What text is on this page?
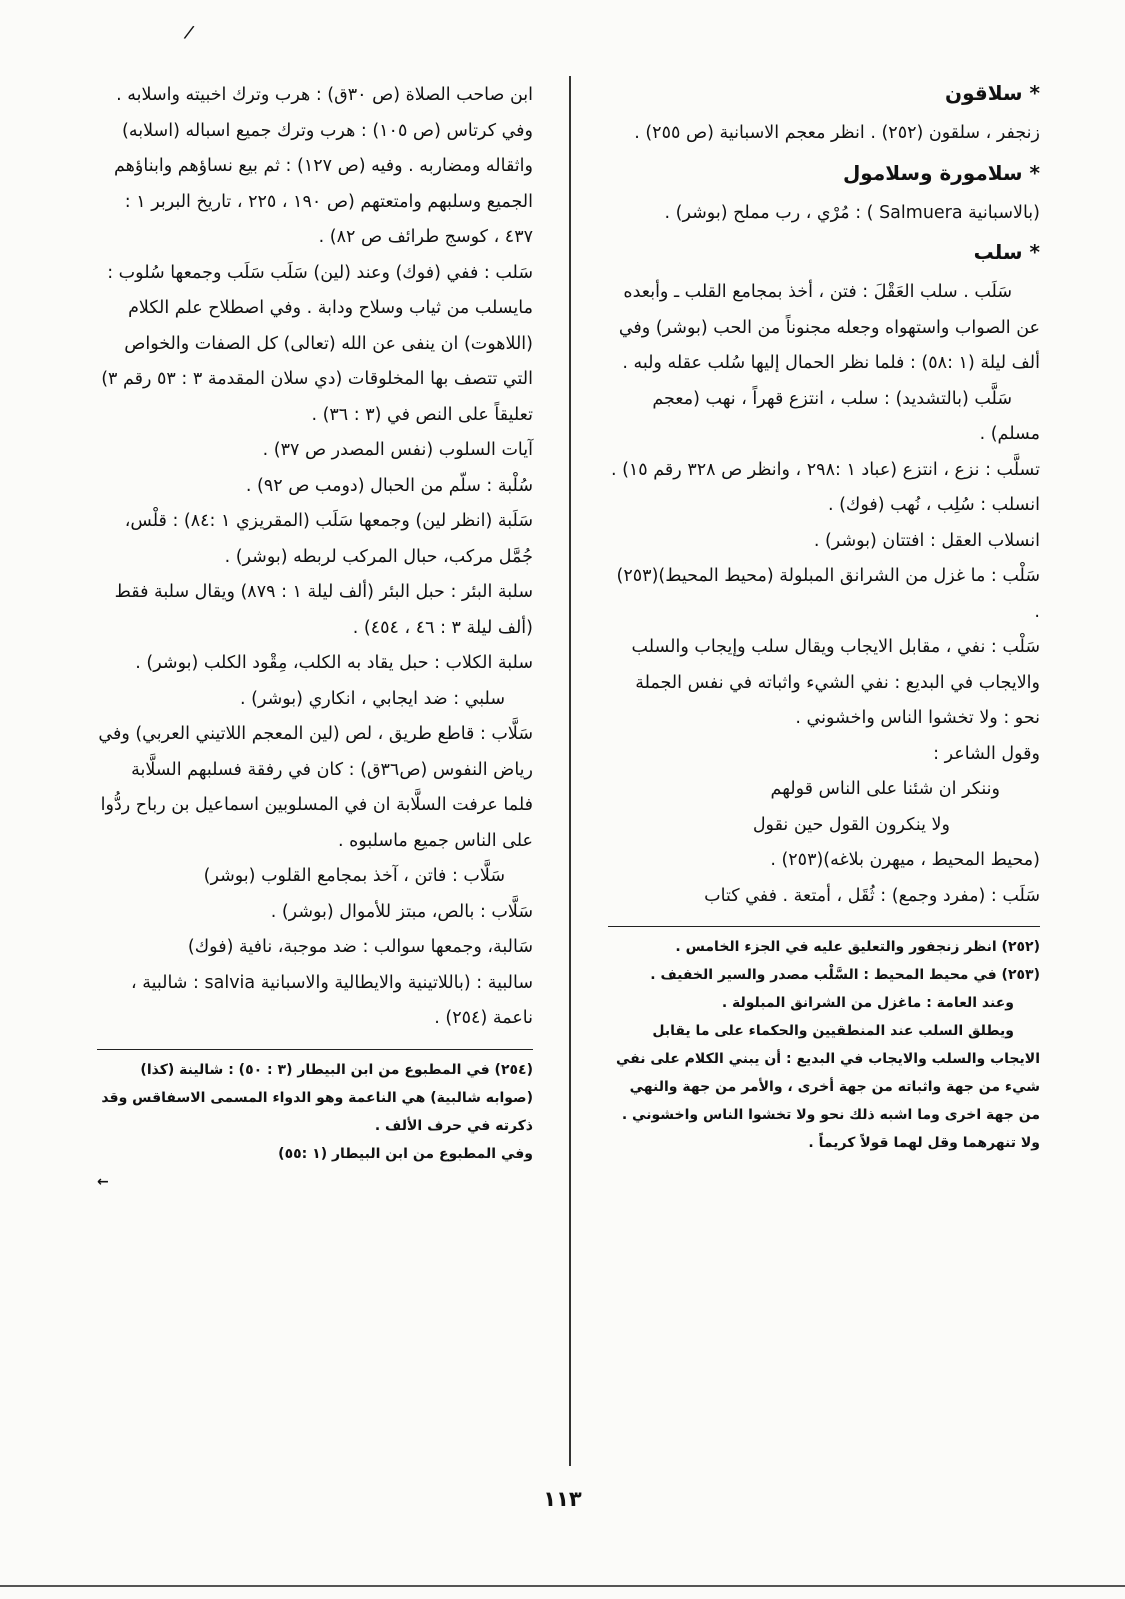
/
* سلاقون

زنجفر ، سلقون (٢٥٢) . انظر معجم الاسبانية (ص ٢٥٥) .

* سلامورة وسلامول

(بالاسبانية Salmuera ) : مُرْي ، رب مملح (بوشر) .

* سلب

سَلَب . سلب العَقْلَ : فتن ، أخذ بمجامع القلب ـ وأبعده عن الصواب واستهواه وجعله مجنوناً من الحب (بوشر) وفي ألف ليلة (١ :٥٨) : فلما نظر الحمال إليها سُلب عقله ولبه .

سَلَّب (بالتشديد) : سلب ، انتزع قهراً ، نهب (معجم مسلم) .

تسلَّب : نزع ، انتزع (عباد ١ :٢٩٨ ، وانظر ص ٣٢٨ رقم ١٥) .

انسلب : سُلِب ، نُهب (فوك) .

انسلاب العقل : افتتان (بوشر) .

سَلْب : ما غزل من الشرانق المبلولة (محيط المحيط)(٢٥٣) .

سَلْب : نفي ، مقابل الايجاب ويقال سلب وإيجاب والسلب والايجاب في البديع : نفي الشيء واثباته في نفس الجملة نحو : ولا تخشوا الناس واخشوني .

وقول الشاعر :

وننكر ان شئنا على الناس قولهم

ولا ينكرون القول حين نقول

(محيط المحيط ، ميهرن بلاغه)(٢٥٣) .

سَلَب : (مفرد وجمع) : ثُقَل ، أمتعة . ففي كتاب

(٢٥٢) انظر زنجفور والتعليق عليه في الجزء الخامس .

(٢٥٣) في محيط المحيط : السَّلْب مصدر والسير الخفيف .

وعند العامة : ماغزل من الشرانق المبلولة .

ويطلق السلب عند المنطقيين والحكماء على ما يقابل الايجاب والسلب والايجاب في البديع : أن يبني الكلام على نفي شيء من جهة واثباته من جهة أخرى ، والأمر من جهة والنهي من جهة اخرى وما اشبه ذلك نحو ولا تخشوا الناس واخشوني . ولا تنهرهما وقل لهما قولاً كريماً .

ابن صاحب الصلاة (ص ٣٠ق) : هرب وترك اخبيته واسلابه . وفي كرتاس (ص ١٠٥) : هرب وترك جميع اسباله (اسلابه) واثقاله ومضاربه . وفيه (ص ١٢٧) : ثم بيع نساؤهم وابناؤهم الجميع وسلبهم وامتعتهم (ص ١٩٠ ، ٢٢٥ ، تاريخ البربر ١ : ٤٣٧ ، كوسج طرائف ص ٨٢) .

سَلب : ففي (فوك) وعند (لين) سَلَب سَلَب وجمعها سُلوب : مايسلب من ثياب وسلاح ودابة . وفي اصطلاح علم الكلام (اللاهوت) ان ينفى عن الله (تعالى) كل الصفات والخواص التي تتصف بها المخلوقات (دي سلان المقدمة ٣ : ٥٣ رقم ٣) تعليقاً على النص في (٣ : ٣٦) .

آيات السلوب (نفس المصدر ص ٣٧) .

سُلْبة : سلّم من الحبال (دومب ص ٩٢) .

سَلَبة (انظر لين) وجمعها سَلَب (المقريزي ١ :٨٤) : قلْس، جُمَّل مركب، حبال المركب لربطه (بوشر) .

سلبة البئر : حبل البئر (ألف ليلة ١ : ٨٧٩) ويقال سلبة فقط (ألف ليلة ٣ : ٤٦ ، ٤٥٤) .

سلبة الكلاب : حبل يقاد به الكلب، مِقْود الكلب (بوشر) .

سلبي : ضد ايجابي ، انكاري (بوشر) .

سَلَّاب : قاطع طريق ، لص (لين المعجم اللاتيني العربي) وفي رياض النفوس (ص٣٦ق) : كان في رفقة فسلبهم السلَّابة فلما عرفت السلَّابة ان في المسلوبين اسماعيل بن رباح ردُّوا على الناس جميع ماسلبوه .

سَلَّاب : فاتن ، آخذ بمجامع القلوب (بوشر)

سَلَّاب : بالص، مبتز للأموال (بوشر) .

سَالبة، وجمعها سوالب : ضد موجبة، نافية (فوك)

سالبية : (باللاتينية والايطالية والاسبانية salvia : شالبية ، ناعمة (٢٥٤) .

(٢٥٤) في المطبوع من ابن البيطار (٣ : ٥٠) : شالينة (كذا) (صوابه شالبية) هي الناعمة وهو الدواء المسمى الاسفاقس وقد ذكرته في حرف الألف .

وفي المطبوع من ابن البيطار (١ :٥٥)

←

١١٣
